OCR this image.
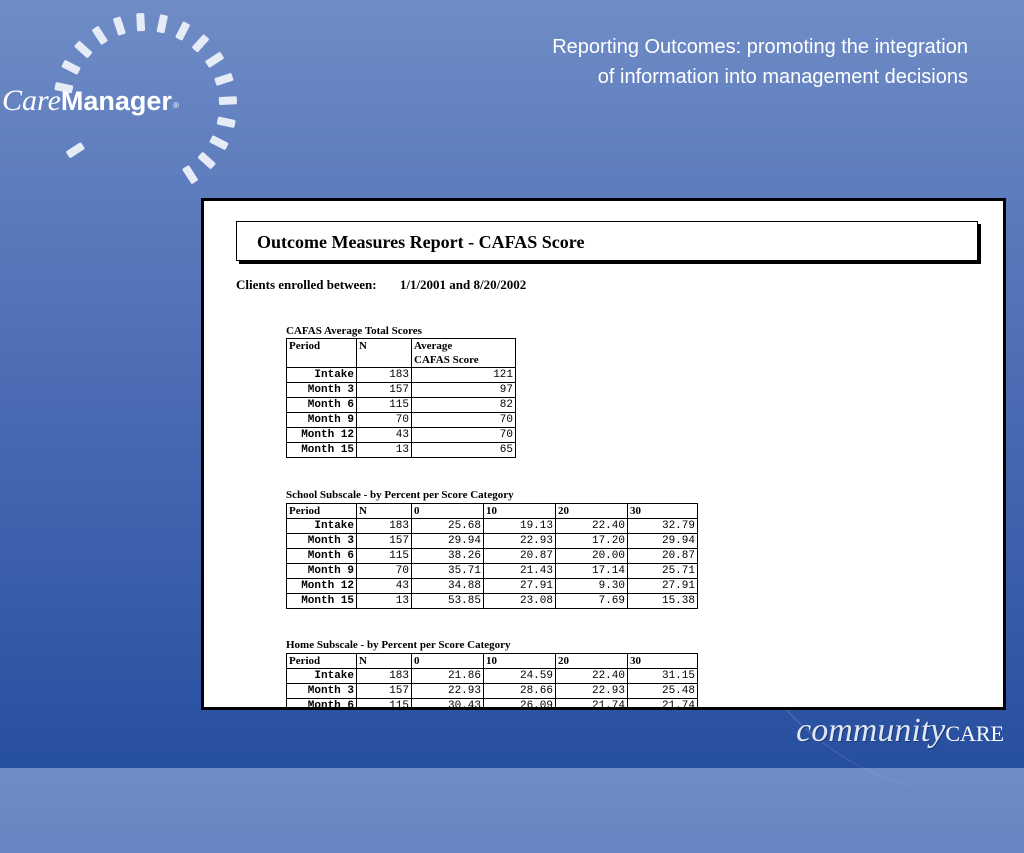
CareManager®
Reporting Outcomes: promoting the integration
of information into management decisions
Outcome Measures Report - CAFAS Score
Clients enrolled between: 1/1/2001 and 8/20/2002
CAFAS Average Total Scores
Period	N	Average
CAFAS Score

Intake	183	121
Month 3	157	97
Month 6	115	82
Month 9	70	70
Month 12	43	70
Month 15	13	65
School Subscale - by Percent per Score Category
Period	N	0	10	20	30
Intake	183	25.68	19.13	22.40	32.79
Month 3	157	29.94	22.93	17.20	29.94
Month 6	115	38.26	20.87	20.00	20.87
Month 9	70	35.71	21.43	17.14	25.71
Month 12	43	34.88	27.91	9.30	27.91
Month 15	13	53.85	23.08	7.69	15.38
Home Subscale - by Percent per Score Category
Period	N	0	10	20	30
Intake	183	21.86	24.59	22.40	31.15
Month 3	157	22.93	28.66	22.93	25.48
Month 6	115	30.43	26.09	21.74	21.74
communityCARE
